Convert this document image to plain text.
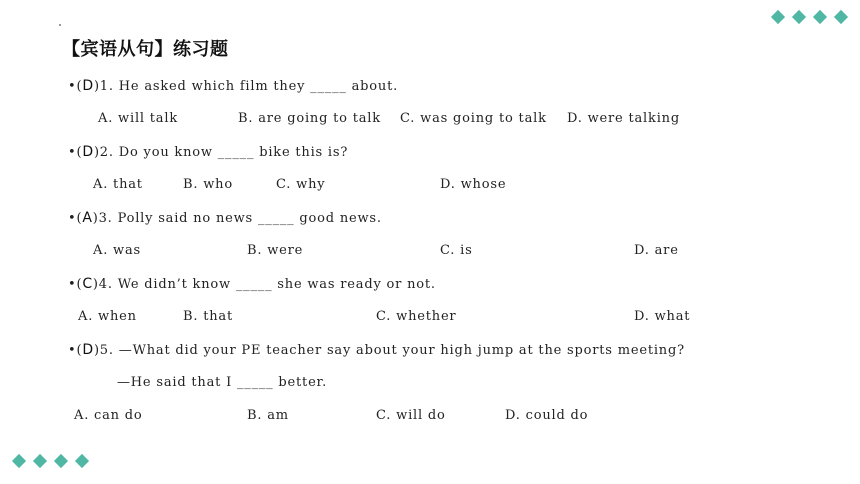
【宾语从句】练习题
•(D)1. He asked which film they _____ about.
A. will talk	B. are going to talk C. was going to talk D. were talking
•(D)2. Do you know _____ bike this is?
A. that	B. who	C. why	D. whose
•(A)3. Polly said no news _____ good news.
A. was	B. were	C. is	D. are
•(C)4. We didn’t know _____ she was ready or not.
A. when	B. that	C. whether	D. what
•(D)5. —What did your PE teacher say about your high jump at the sports meeting?
—He said that I _____ better.
A. can do	B. am	C. will do	D. could do
